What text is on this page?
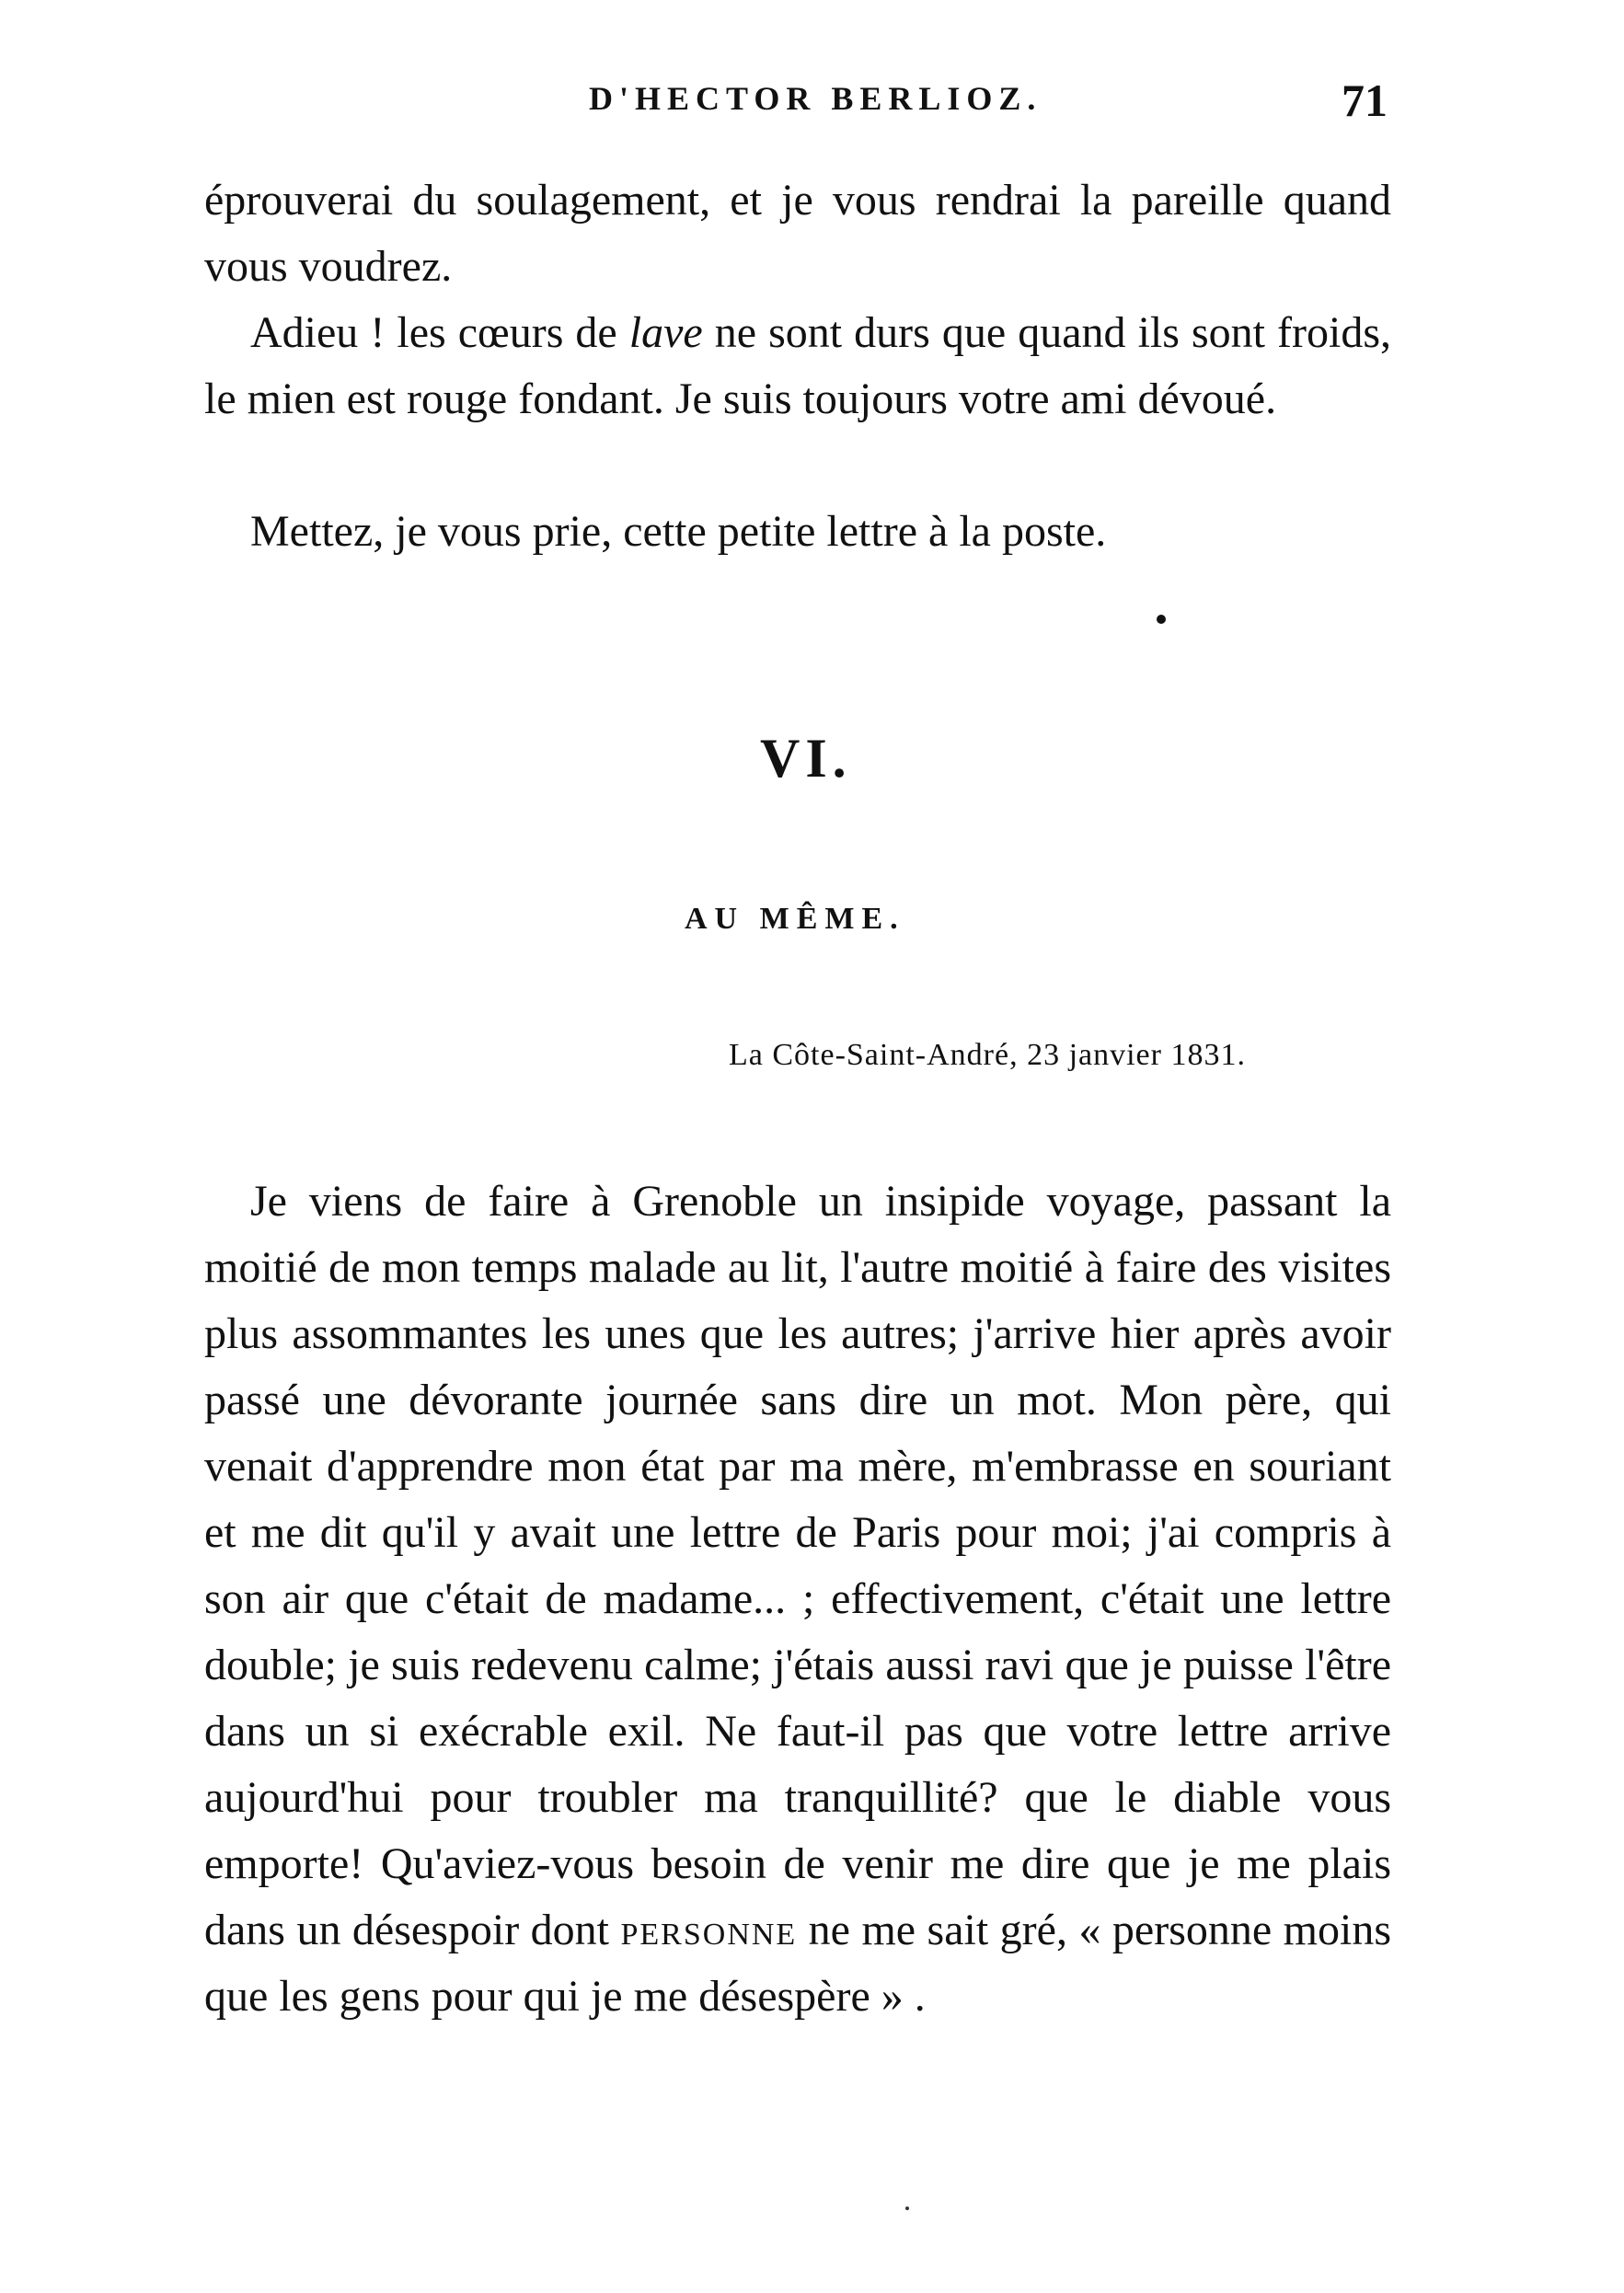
D'HECTOR BERLIOZ.	71

éprouverai du soulagement, et je vous rendrai la pareille quand vous voudrez.

Adieu ! les cœurs de lave ne sont durs que quand ils sont froids, le mien est rouge fondant. Je suis toujours votre ami dévoué.

Mettez, je vous prie, cette petite lettre à la poste.

VI.
AU MÊME.
La Côte-Saint-André, 23 janvier 1831.

Je viens de faire à Grenoble un insipide voyage, passant la moitié de mon temps malade au lit, l'autre moitié à faire des visites plus assommantes les unes que les autres; j'arrive hier après avoir passé une dévorante journée sans dire un mot. Mon père, qui venait d'apprendre mon état par ma mère, m'embrasse en souriant et me dit qu'il y avait une lettre de Paris pour moi; j'ai compris à son air que c'était de madame... ; effectivement, c'était une lettre double; je suis redevenu calme; j'étais aussi ravi que je puisse l'être dans un si exécrable exil. Ne faut-il pas que votre lettre arrive aujourd'hui pour troubler ma tranquillité? que le diable vous emporte! Qu'aviez-vous besoin de venir me dire que je me plais dans un désespoir dont personne ne me sait gré, « personne moins que les gens pour qui je me désespère » .
